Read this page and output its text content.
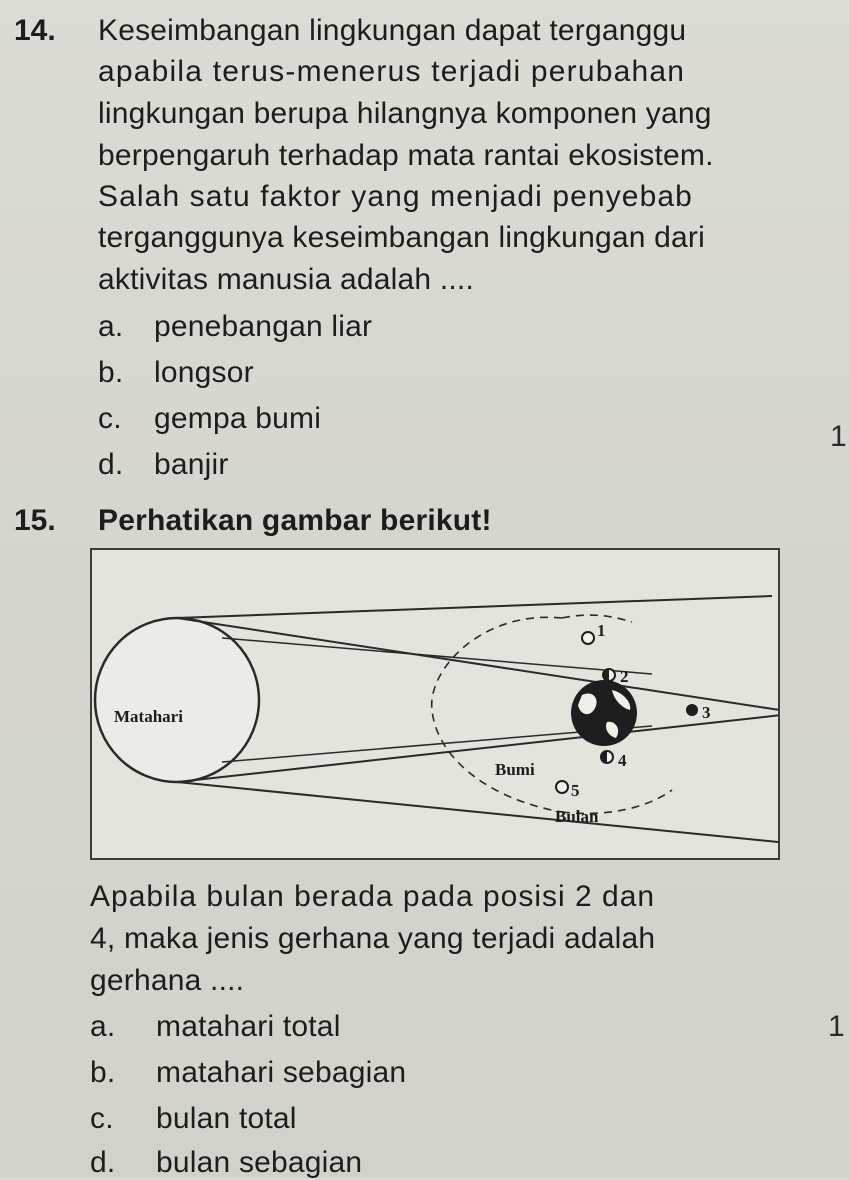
14. Keseimbangan lingkungan dapat terganggu
apabila terus-menerus terjadi perubahan
lingkungan berupa hilangnya komponen yang
berpengaruh terhadap mata rantai ekosistem.
Salah satu faktor yang menjadi penyebab
terganggunya keseimbangan lingkungan dari
aktivitas manusia adalah ....
a. penebangan liar
b. longsor
c. gempa bumi
d. banjir
15. Perhatikan gambar berikut!
Matahari
Bumi
Bulan
1
2
3
4
5
Apabila bulan berada pada posisi 2 dan
4, maka jenis gerhana yang terjadi adalah
gerhana ....
a. matahari total
b. matahari sebagian
c. bulan total
d. bulan sebagian
1
1
